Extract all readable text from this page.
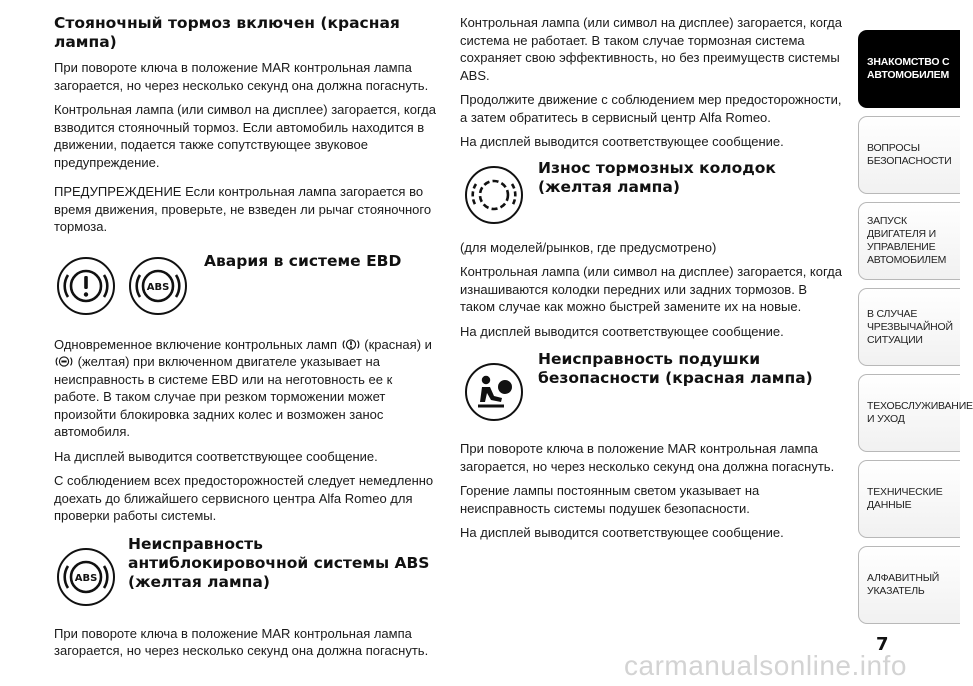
Стояночный тормоз включен (красная лампа)

При повороте ключа в положение MAR контрольная лампа загорается, но через несколько секунд она должна погаснуть.

Контрольная лампа (или символ на дисплее) загорается, когда взводится стояночный тормоз. Если автомобиль находится в движении, подается также сопутствующее звуковое предупреждение.

ПРЕДУПРЕЖДЕНИЕ Если контрольная лампа загорается во время движения, проверьте, не взведен ли рычаг стояночного тормоза.

ABS
Авария в системе EBD

Одновременное включение контрольных ламп (красная) и  (желтая) при включенном двигателе указывает на неисправность в системе EBD или на неготовность ее к работе. В таком случае при резком торможении может произойти блокировка задних колес и возможен занос автомобиля.

На дисплей выводится соответствующее сообщение.

С соблюдением всех предосторожностей следует немедленно доехать до ближайшего сервисного центра Alfa Romeo для проверки работы системы.

ABS
Неисправность антиблокировочной системы ABS (желтая лампа)

При повороте ключа в положение MAR контрольная лампа загорается, но через несколько секунд она должна погаснуть.

Контрольная лампа (или символ на дисплее) загорается, когда система не работает. В таком случае тормозная система сохраняет свою эффективность, но без преимуществ системы ABS.

Продолжите движение с соблюдением мер предосторожности, а затем обратитесь в сервисный центр Alfa Romeo.

На дисплей выводится соответствующее сообщение.

Износ тормозных колодок (желтая лампа)

(для моделей/рынков, где предусмотрено)

Контрольная лампа (или символ на дисплее) загорается, когда изнашиваются колодки передних или задних тормозов. В таком случае как можно быстрей замените их на новые.

На дисплей выводится соответствующее сообщение.

Неисправность подушки безопасности (красная лампа)

При повороте ключа в положение MAR контрольная лампа загорается, но через несколько секунд она должна погаснуть.

Горение лампы постоянным светом указывает на неисправность системы подушек безопасности.

На дисплей выводится соответствующее сообщение.

ЗНАКОМСТВО С
АВТОМОБИЛЕМ
ВОПРОСЫ
БЕЗОПАСНОСТИ
ЗАПУСК ДВИГАТЕЛЯ И
УПРАВЛЕНИЕ
АВТОМОБИЛЕМ
В СЛУЧАЕ
ЧРЕЗВЫЧАЙНОЙ
СИТУАЦИИ
ТЕХОБСЛУЖИВАНИЕ
И УХОД
ТЕХНИЧЕСКИЕ
ДАННЫЕ
АЛФАВИТНЫЙ
УКАЗАТЕЛЬ
7
carmanualsonline.info
